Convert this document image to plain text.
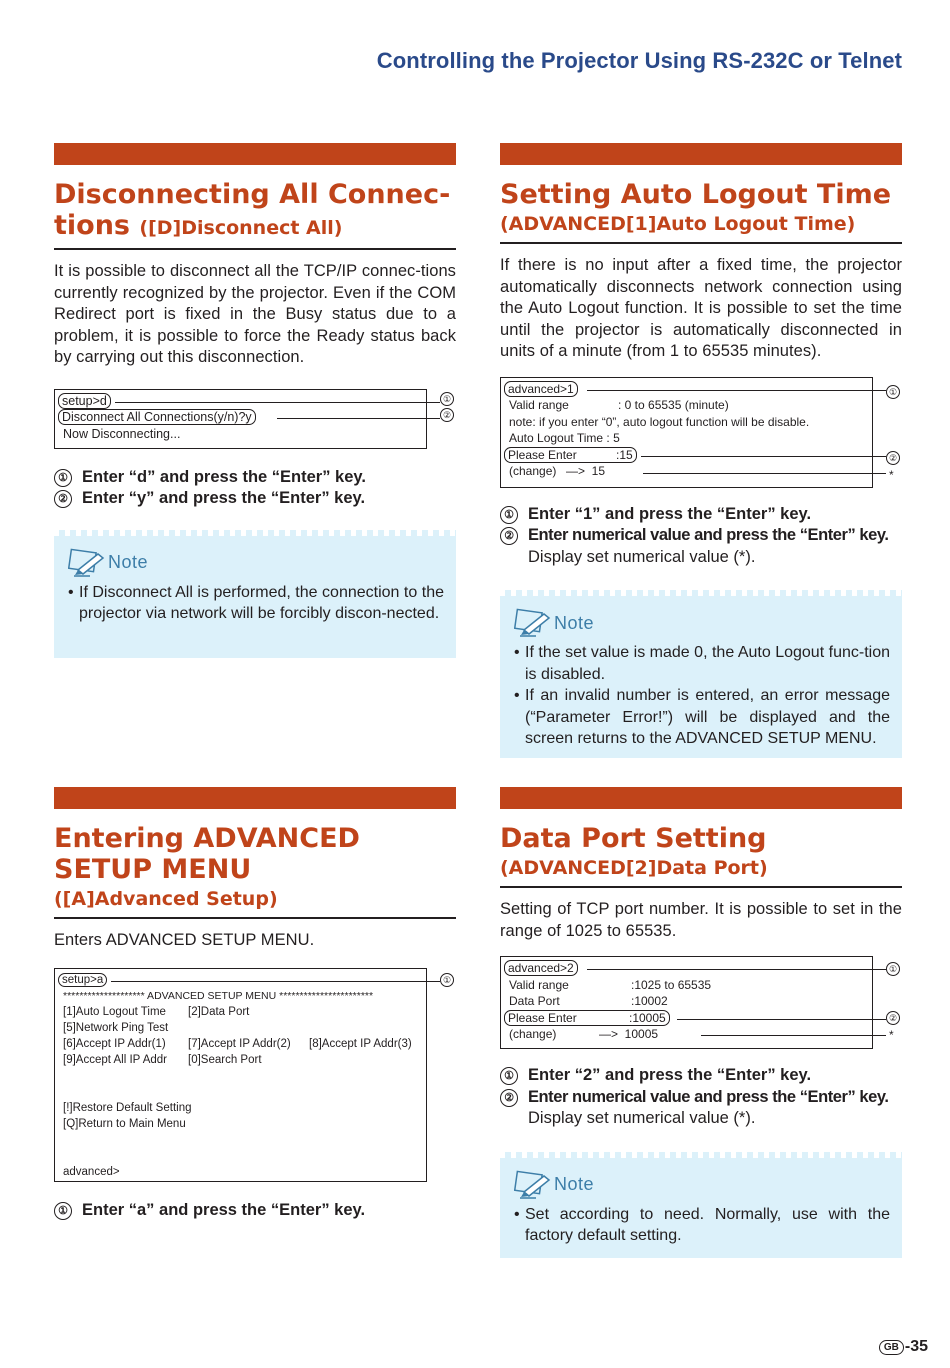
Controlling the Projector Using RS-232C or Telnet
Disconnecting All Connec-
tions ([D]Disconnect All)
It is possible to disconnect all the TCP/IP connec-tions currently recognized by the projector. Even if the COM Redirect port is fixed in the Busy status due to a problem, it is possible to force the Ready status back by carrying out this disconnection.
setup>d
Disconnect All Connections(y/n)?y
Now Disconnecting...
①
②
① Enter “d” and press the “Enter” key.
② Enter “y” and press the “Enter” key.
Note
• If Disconnect All is performed, the connection to the projector via network will be forcibly discon-nected.
Setting Auto Logout Time
(ADVANCED[1]Auto Logout Time)
If there is no input after a fixed time, the projector automatically disconnects network connection using the Auto Logout function. It is possible to set the time until the projector is automatically disconnected in units of a minute (from 1 to 65535 minutes).
advanced>1
Valid range	: 0 to 65535 (minute)
note: if you enter “0”, auto logout function will be disable.
Auto Logout Time : 5
Please Enter	:15
(change) —>  15
①
②
*
① Enter “1” and press the “Enter” key.
② Enter numerical value and press the “Enter” key.
Display set numerical value (*).
Note
• If the set value is made 0, the Auto Logout func-tion is disabled.
• If an invalid number is entered, an error message (“Parameter Error!”) will be displayed and the screen returns to the ADVANCED SETUP MENU.
Entering ADVANCED
SETUP MENU
([A]Advanced Setup)
Enters ADVANCED SETUP MENU.
setup>a
******************** ADVANCED SETUP MENU ***********************
[1]Auto Logout Time [2]Data Port
[5]Network Ping Test
[6]Accept IP Addr(1) [7]Accept IP Addr(2) [8]Accept IP Addr(3)
[9]Accept All IP Addr [0]Search Port
[!]Restore Default Setting
[Q]Return to Main Menu
advanced>
①
① Enter “a” and press the “Enter” key.
Data Port Setting
(ADVANCED[2]Data Port)
Setting of TCP port number. It is possible to set in the range of 1025 to 65535.
advanced>2
Valid range	:1025 to 65535
Data Port	:10002
Please Enter	:10005
(change)	—>  10005
①
②
*
① Enter “2” and press the “Enter” key.
② Enter numerical value and press the “Enter” key.
Display set numerical value (*).
Note
• Set according to need. Normally, use with the factory default setting.
GB -35
